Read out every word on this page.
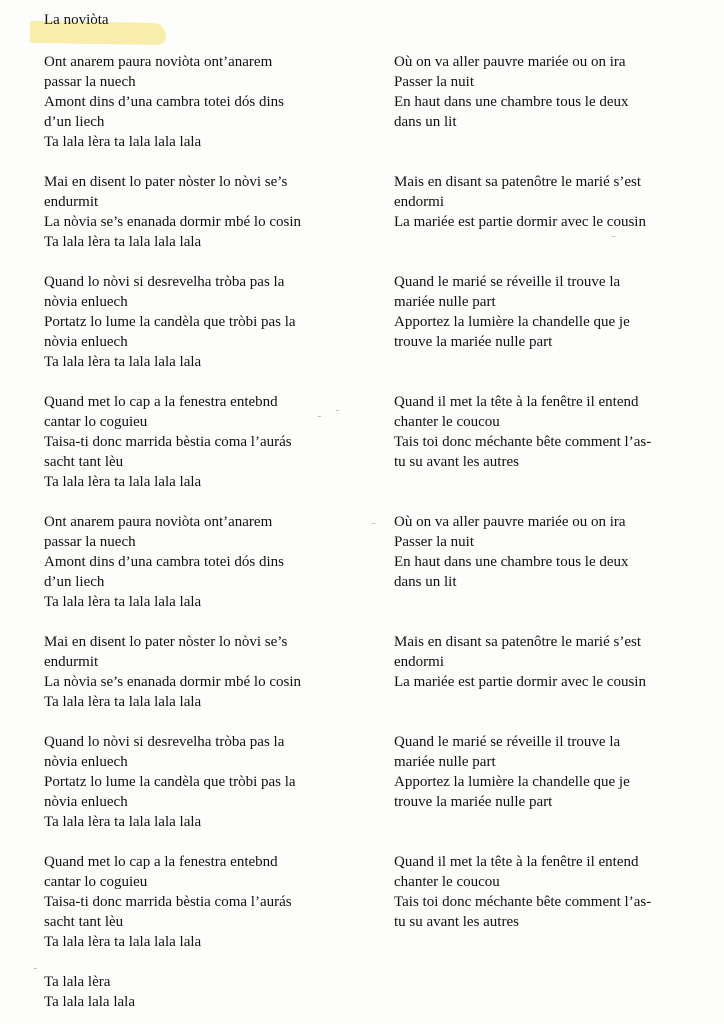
La noviòta
Ont anarem paura noviòta ont’anarem
passar la nuech
Amont dins d’una cambra totei dós dins
d’un liech
Ta lala lèra ta lala lala lala
Mai en disent lo pater nòster lo nòvi se’s
endurmit
La nòvia se’s enanada dormir mbé lo cosin
Ta lala lèra ta lala lala lala
Quand lo nòvi si desrevelha tròba pas la
nòvia enluech
Portatz lo lume la candèla que tròbi pas la
nòvia enluech
Ta lala lèra ta lala lala lala
Quand met lo cap a la fenestra entebnd
cantar lo coguieu
Taisa-ti donc marrida bèstia coma l’aurás
sacht tant lèu
Ta lala lèra ta lala lala lala
Ont anarem paura noviòta ont’anarem
passar la nuech
Amont dins d’una cambra totei dós dins
d’un liech
Ta lala lèra ta lala lala lala
Mai en disent lo pater nòster lo nòvi se’s
endurmit
La nòvia se’s enanada dormir mbé lo cosin
Ta lala lèra ta lala lala lala
Quand lo nòvi si desrevelha tròba pas la
nòvia enluech
Portatz lo lume la candèla que tròbi pas la
nòvia enluech
Ta lala lèra ta lala lala lala
Quand met lo cap a la fenestra entebnd
cantar lo coguieu
Taisa-ti donc marrida bèstia coma l’aurás
sacht tant lèu
Ta lala lèra ta lala lala lala
Ta lala lèra
Ta lala lala lala
Où on va aller pauvre mariée ou on ira
Passer la nuit
En haut dans une chambre tous le deux
dans un lit
Mais en disant sa patenôtre le marié s’est
endormi
La mariée est partie dormir avec le cousin
Quand le marié se réveille il trouve la
mariée nulle part
Apportez la lumière la chandelle que je
trouve la mariée nulle part
Quand il met la tête à la fenêtre il entend
chanter le coucou
Tais toi donc méchante bête comment l’as-
tu su avant les autres
Où on va aller pauvre mariée ou on ira
Passer la nuit
En haut dans une chambre tous le deux
dans un lit
Mais en disant sa patenôtre le marié s’est
endormi
La mariée est partie dormir avec le cousin
Quand le marié se réveille il trouve la
mariée nulle part
Apportez la lumière la chandelle que je
trouve la mariée nulle part
Quand il met la tête à la fenêtre il entend
chanter le coucou
Tais toi donc méchante bête comment l’as-
tu su avant les autres
